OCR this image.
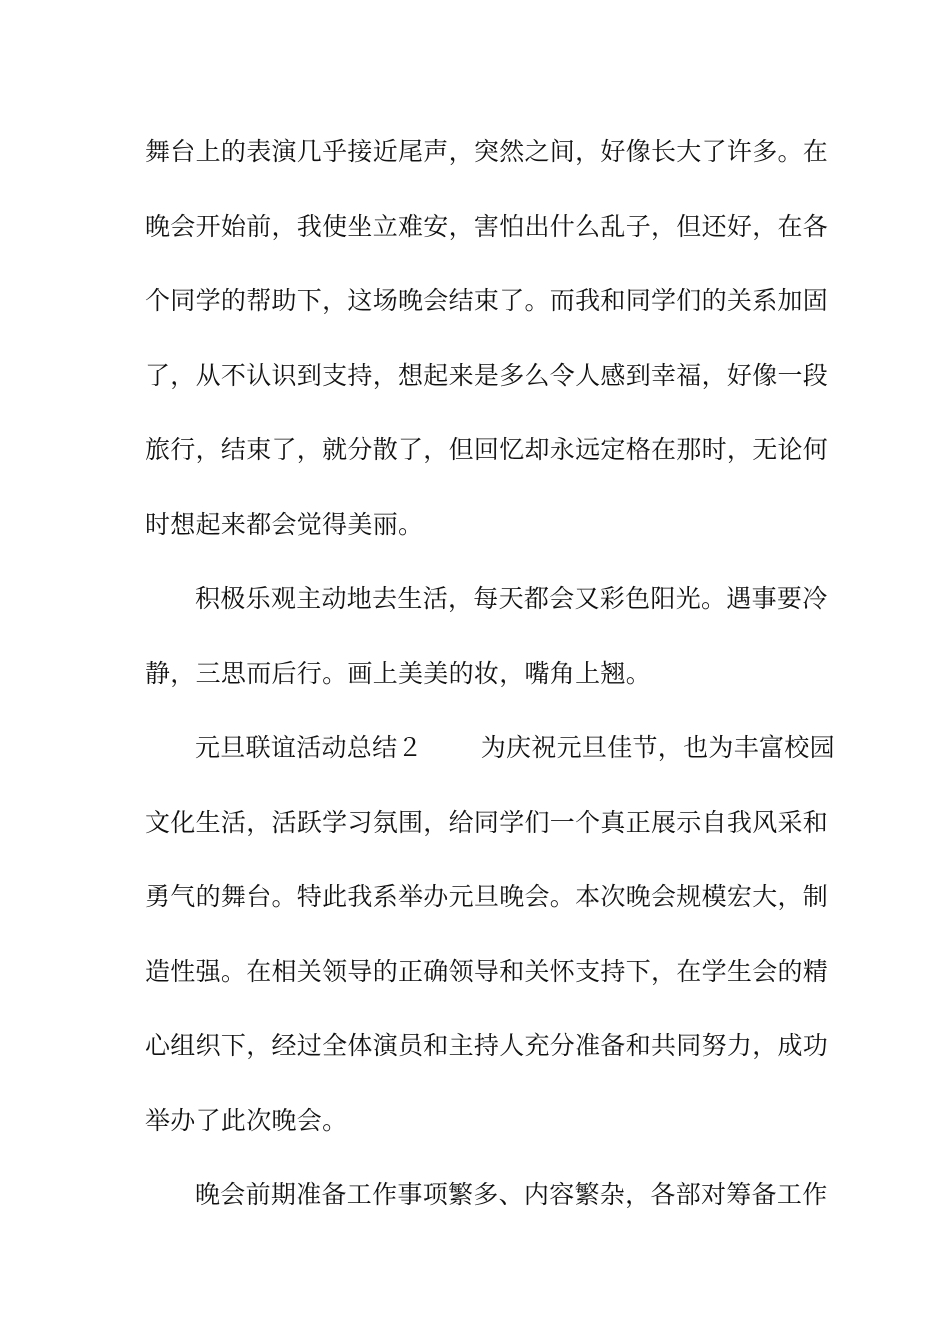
舞台上的表演几乎接近尾声，突然之间，好像长大了许多。在
晚会开始前，我使坐立难安，害怕出什么乱子，但还好，在各
个同学的帮助下，这场晚会结束了。而我和同学们的关系加固
了，从不认识到支持，想起来是多么令人感到幸福，好像一段
旅行，结束了，就分散了，但回忆却永远定格在那时，无论何
时想起来都会觉得美丽。
积极乐观主动地去生活，每天都会又彩色阳光。遇事要冷
静，三思而后行。画上美美的妆，嘴角上翘。
元旦联谊活动总结２ 为庆祝元旦佳节，也为丰富校园
文化生活，活跃学习氛围，给同学们一个真正展示自我风采和
勇气的舞台。特此我系举办元旦晚会。本次晚会规模宏大，制
造性强。在相关领导的正确领导和关怀支持下，在学生会的精
心组织下，经过全体演员和主持人充分准备和共同努力，成功
举办了此次晚会。
晚会前期准备工作事项繁多、内容繁杂，各部对筹备工作
